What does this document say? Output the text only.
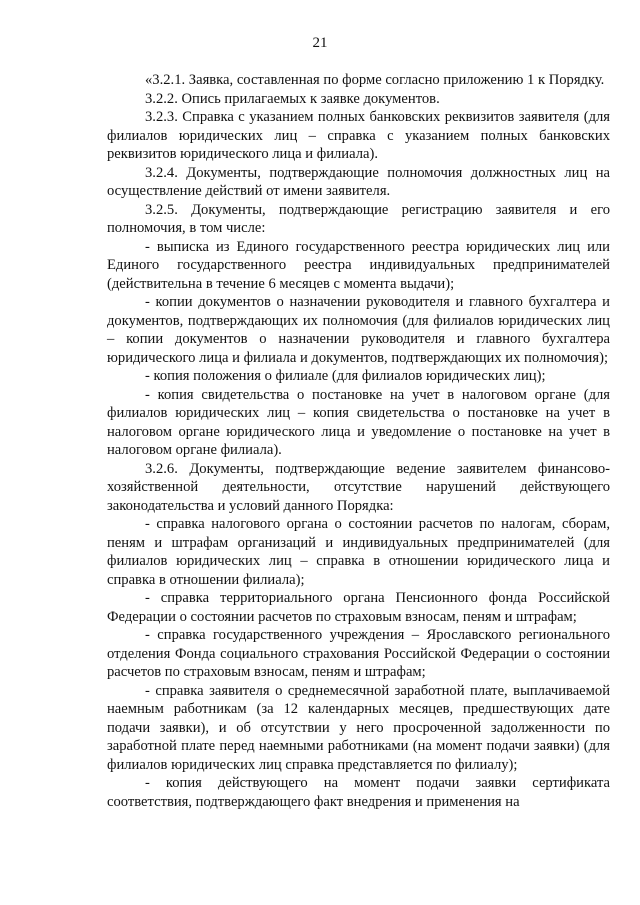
21

«3.2.1. Заявка, составленная по форме согласно приложению 1 к Порядку.

3.2.2. Опись прилагаемых к заявке документов.

3.2.3. Справка с указанием полных банковских реквизитов заявителя (для филиалов юридических лиц – справка с указанием полных банковских реквизитов юридического лица и филиала).

3.2.4. Документы, подтверждающие полномочия должностных лиц на осуществление действий от имени заявителя.

3.2.5. Документы, подтверждающие регистрацию заявителя и его полномочия, в том числе:

- выписка из Единого государственного реестра юридических лиц или Единого государственного реестра индивидуальных предпринимателей (действительна в течение 6 месяцев с момента выдачи);

- копии документов о назначении руководителя и главного бухгалтера и документов, подтверждающих их полномочия (для филиалов юридических лиц – копии документов о назначении руководителя и главного бухгалтера юридического лица и филиала и документов, подтверждающих их полномочия);

- копия положения о филиале (для филиалов юридических лиц);

- копия свидетельства о постановке на учет в налоговом органе (для филиалов юридических лиц – копия свидетельства о постановке на учет в налоговом органе юридического лица и уведомление о постановке на учет в налоговом органе филиала).

3.2.6. Документы, подтверждающие ведение заявителем финансово-хозяйственной деятельности, отсутствие нарушений действующего законодательства и условий данного Порядка:

- справка налогового органа о состоянии расчетов по налогам, сборам, пеням и штрафам организаций и индивидуальных предпринимателей (для филиалов юридических лиц – справка в отношении юридического лица и справка в отношении филиала);

- справка территориального органа Пенсионного фонда Российской Федерации о состоянии расчетов по страховым взносам, пеням и штрафам;

- справка государственного учреждения – Ярославского регионального отделения Фонда социального страхования Российской Федерации о состоянии расчетов по страховым взносам, пеням и штрафам;

- справка заявителя о среднемесячной заработной плате, выплачиваемой наемным работникам (за 12 календарных месяцев, предшествующих дате подачи заявки), и об отсутствии у него просроченной задолженности по заработной плате перед наемными работниками (на момент подачи заявки) (для филиалов юридических лиц справка представляется по филиалу);

- копия действующего на момент подачи заявки сертификата соответствия, подтверждающего факт внедрения и применения на
